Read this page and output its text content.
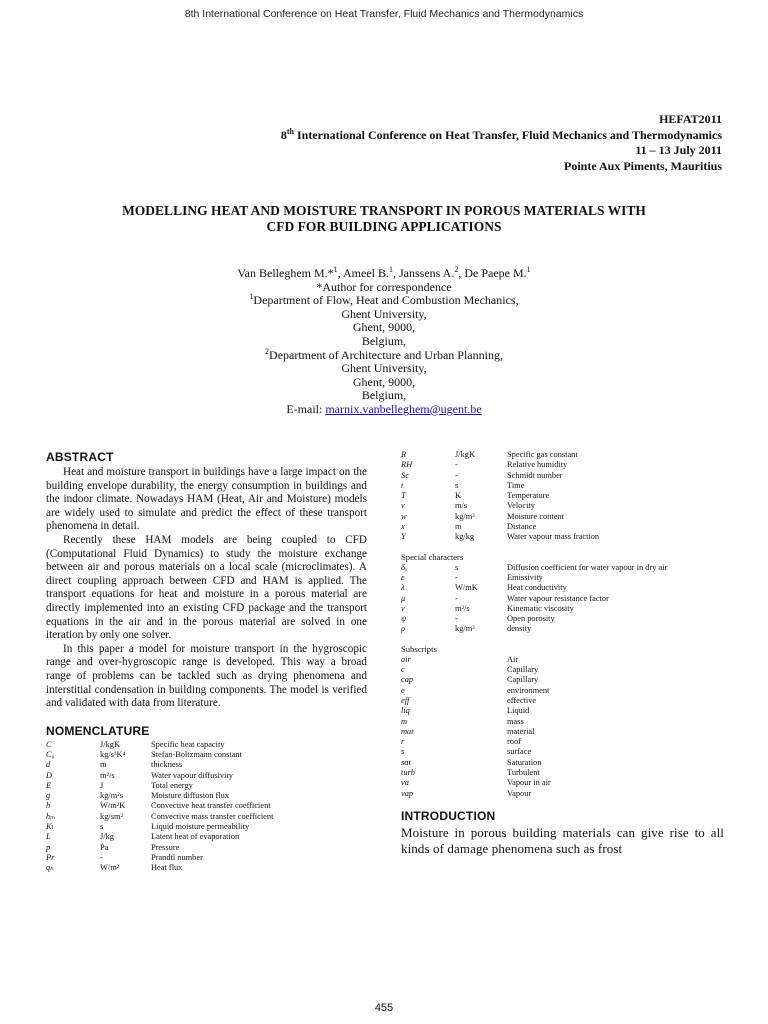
8th International Conference on Heat Transfer, Fluid Mechanics and Thermodynamics
HEFAT2011
8th International Conference on Heat Transfer, Fluid Mechanics and Thermodynamics
11 – 13 July 2011
Pointe Aux Piments, Mauritius
MODELLING HEAT AND MOISTURE TRANSPORT IN POROUS MATERIALS WITH
CFD FOR BUILDING APPLICATIONS
Van Belleghem M.*$^1$, Ameel B.$^1$, Janssens A.$^2$, De Paepe M.$^1$
*Author for correspondence
$^1$Department of Flow, Heat and Combustion Mechanics,
Ghent University,
Ghent, 9000,
Belgium,
$^2$Department of Architecture and Urban Planning,
Ghent University,
Ghent, 9000,
Belgium,
E-mail: marnix.vanbelleghem@ugent.be
ABSTRACT

Heat and moisture transport in buildings have a large impact on the building envelope durability, the energy consumption in buildings and the indoor climate. Nowadays HAM (Heat, Air and Moisture) models are widely used to simulate and predict the effect of these transport phenomena in detail.

Recently these HAM models are being coupled to CFD (Computational Fluid Dynamics) to study the moisture exchange between air and porous materials on a local scale (microclimates). A direct coupling approach between CFD and HAM is applied. The transport equations for heat and moisture in a porous material are directly implemented into an existing CFD package and the transport equations in the air and in the porous material are solved in one iteration by only one solver.

In this paper a model for moisture transport in the hygroscopic range and over-hygroscopic range is developed. This way a broad range of problems can be tackled such as drying phenomena and interstitial condensation in building components. The model is verified and validated with data from literature.

NOMENCLATURE
C	J/kgK	Specific heat capacity
C₀	kg/s³K⁴	Stefan-Boltzmann constant
d	m	thickness
D	m²/s	Water vapour diffusivity
E	J	Total energy
g	kg/m²s	Moisture diffusion flux
h	W/m²K	Convective heat transfer coefficient
hₘ	kg/sm²	Convective mass transfer coefficient
Kₗ	s	Liquid moisture permeability
L	J/kg	Latent heat of evaporation
p	Pa	Pressure
Pr	-	Prandtl number
qₕ	W/m²	Heat flux
R	J/kgK	Specific gas constant
RH	-	Relative humidity
Sc	-	Schmidt number
t	s	Time
T	K	Temperature
v	m/s	Velocity
w	kg/m³	Moisture content
x	m	Distance
Y	kg/kg	Water vapour mass fraction
Special characters
δₐ	s	Diffusion coefficient for water vapour in dry air
ε	-	Emissivity
λ	W/mK	Heat conductivity
μ	-	Water vapour resistance factor
ν	m²/s	Kinematic viscosity
ψ	-	Open porosity
ρ	kg/m³	density
Subscripts
air		Air
c		Capillary
cap		Capillary
e		environment
eff		effective
liq		Liquid
m		mass
mat		material
r		roof
s		surface
sat		Saturation
turb		Turbulent
va		Vapour in air
vap		Vapour
INTRODUCTION

Moisture in porous building materials can give rise to all kinds of damage phenomena such as frost

455
